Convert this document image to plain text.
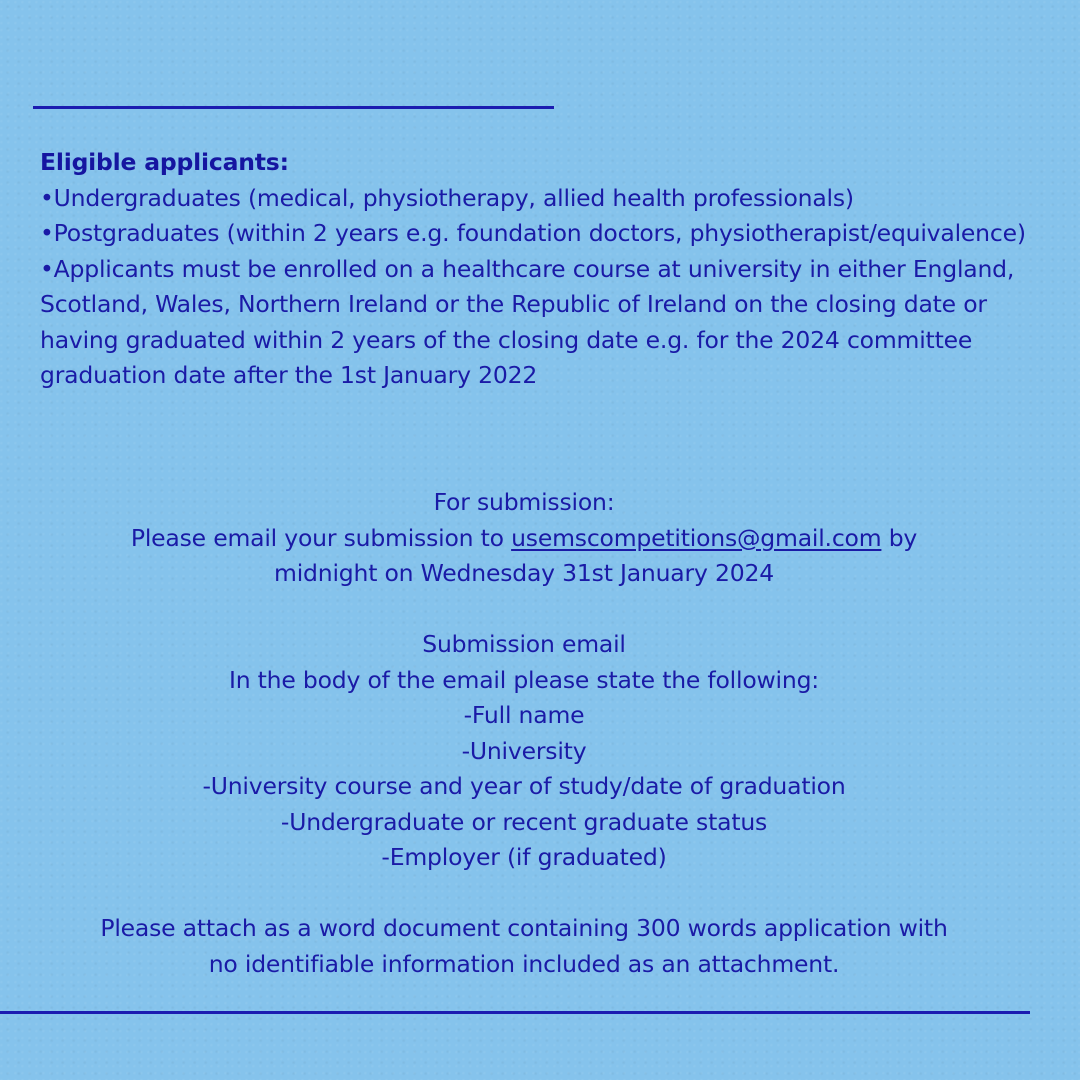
Eligible applicants:

•Undergraduates (medical, physiotherapy, allied health professionals)

•Postgraduates (within 2 years e.g. foundation doctors, physiotherapist/equivalence)

•Applicants must be enrolled on a healthcare course at university in either England, Scotland, Wales, Northern Ireland or the Republic of Ireland on the closing date or having graduated within 2 years of the closing date e.g. for the 2024 committee graduation date after the 1st January 2022

For submission:

Please email your submission to usemscompetitions@gmail.com by

midnight on Wednesday 31st January 2024

Submission email

In the body of the email please state the following:

-Full name

-University

-University course and year of study/date of graduation

-Undergraduate or recent graduate status

-Employer (if graduated)

Please attach as a word document containing 300 words application with

no identifiable information included as an attachment.
